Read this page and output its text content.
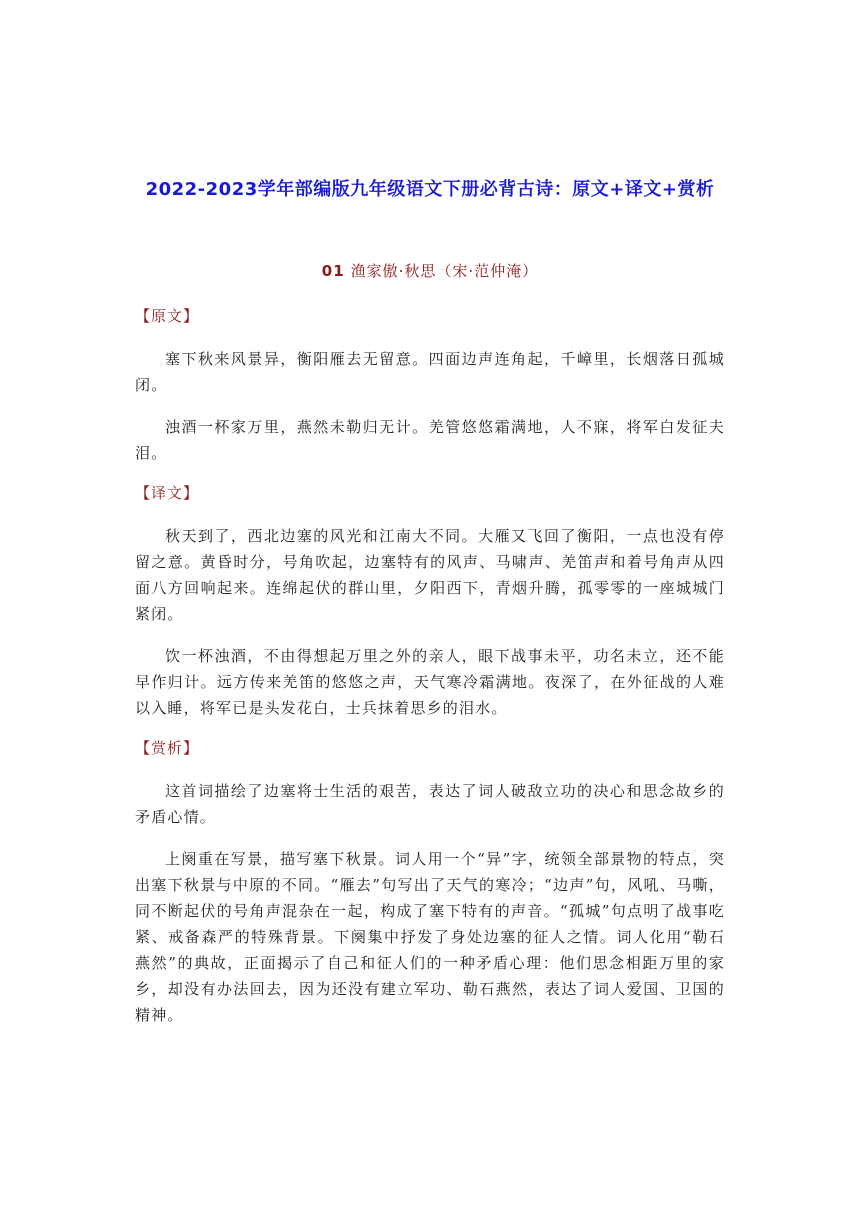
2022-2023学年部编版九年级语文下册必背古诗：原文+译文+赏析
01 渔家傲·秋思（宋·范仲淹）
【原文】

塞下秋来风景异，衡阳雁去无留意。四面边声连角起，千嶂里，长烟落日孤城闭。

浊酒一杯家万里，燕然未勒归无计。羌管悠悠霜满地，人不寐，将军白发征夫泪。

【译文】

秋天到了，西北边塞的风光和江南大不同。大雁又飞回了衡阳，一点也没有停留之意。黄昏时分，号角吹起，边塞特有的风声、马啸声、羌笛声和着号角声从四面八方回响起来。连绵起伏的群山里，夕阳西下，青烟升腾，孤零零的一座城城门紧闭。

饮一杯浊酒，不由得想起万里之外的亲人，眼下战事未平，功名未立，还不能早作归计。远方传来羌笛的悠悠之声，天气寒冷霜满地。夜深了，在外征战的人难以入睡，将军已是头发花白，士兵抹着思乡的泪水。

【赏析】

这首词描绘了边塞将士生活的艰苦，表达了词人破敌立功的决心和思念故乡的矛盾心情。

上阕重在写景，描写塞下秋景。词人用一个“异”字，统领全部景物的特点，突出塞下秋景与中原的不同。“雁去”句写出了天气的寒冷；“边声”句，风吼、马嘶，同不断起伏的号角声混杂在一起，构成了塞下特有的声音。“孤城”句点明了战事吃紧、戒备森严的特殊背景。下阕集中抒发了身处边塞的征人之情。词人化用“勒石燕然”的典故，正面揭示了自己和征人们的一种矛盾心理：他们思念相距万里的家乡，却没有办法回去，因为还没有建立军功、勒石燕然，表达了词人爱国、卫国的精神。
